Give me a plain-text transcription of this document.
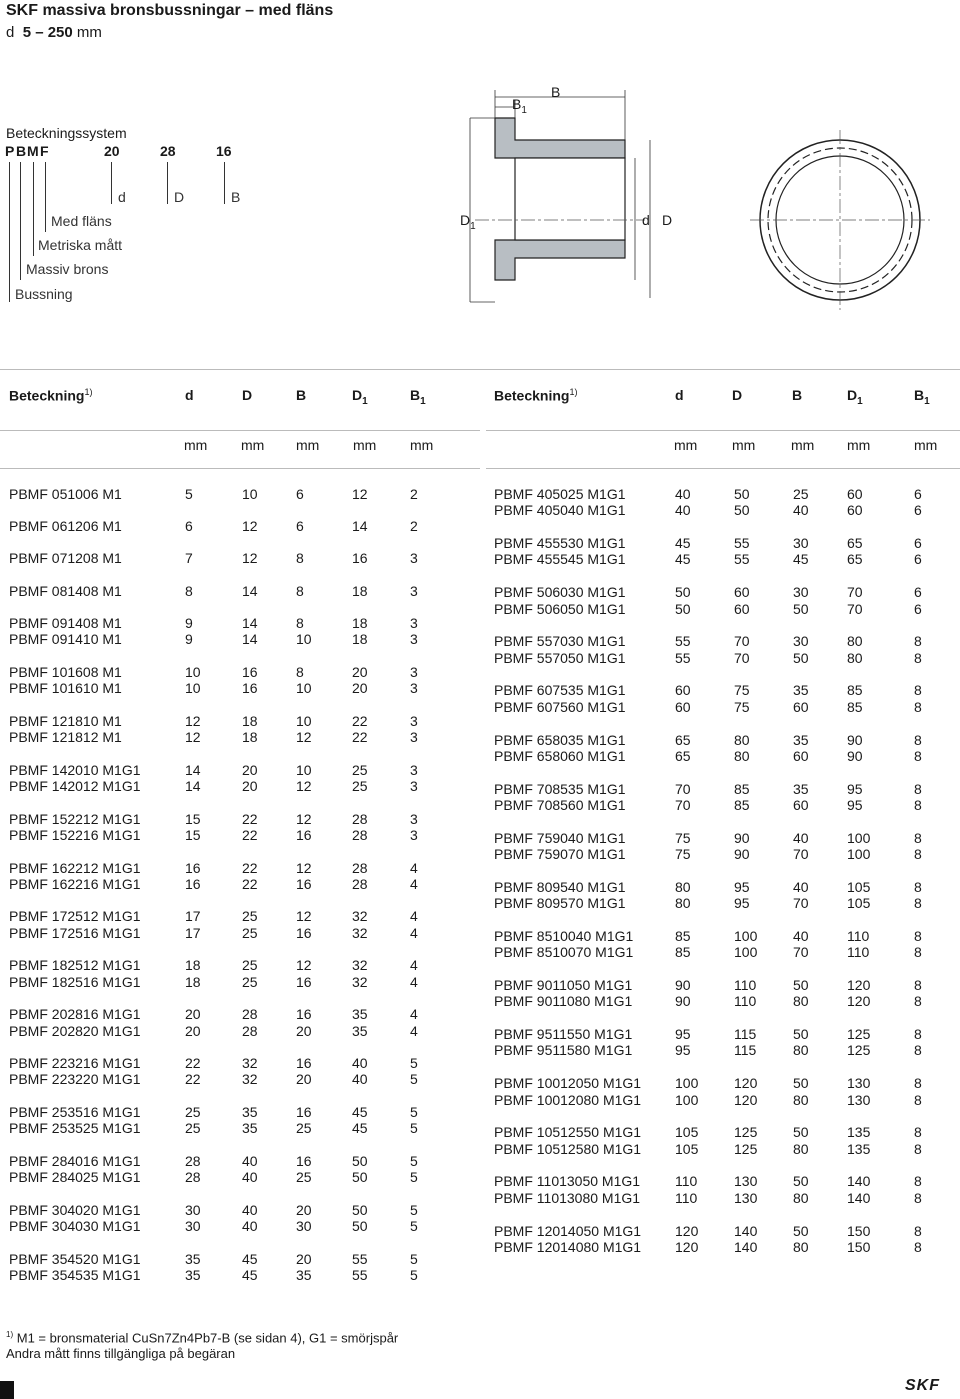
SKF massiva bronsbussningar – med fläns
d 5 – 250 mm
Beteckningssystem
P B M F	20	28	16
d	D	B
Med fläns
Metriska mått
Massiv brons
Bussning
B
$B_1$
$D_1$	d D
Beteckning$^{1)}$	d	D	B	$D_1$	$B_1$	Beteckning$^{1)}$	d	D	B	$D_1$	$B_1$
mm mm mm mm mm	mm mm	mm mm	mm
PBMF 051006 M1	5	10	6	12	2
PBMF 061206 M1	6	12	6	14	2
PBMF 071208 M1	7	12	8	16	3
PBMF 081408 M1	8	14	8	18	3
PBMF 091408 M1	9	14	8	18	3
PBMF 091410 M1	9	14	10	18	3
PBMF 101608 M1	10	16	8	20	3
PBMF 101610 M1	10	16	10	20	3
PBMF 121810 M1	12	18	10	22	3
PBMF 121812 M1	12	18	12	22	3
PBMF 142010 M1G1	14	20	10	25	3
PBMF 142012 M1G1	14	20	12	25	3
PBMF 152212 M1G1	15	22	12	28	3
PBMF 152216 M1G1	15	22	16	28	3
PBMF 162212 M1G1	16	22	12	28	4
PBMF 162216 M1G1	16	22	16	28	4
PBMF 172512 M1G1	17	25	12	32	4
PBMF 172516 M1G1	17	25	16	32	4
PBMF 182512 M1G1	18	25	12	32	4
PBMF 182516 M1G1	18	25	16	32	4
PBMF 202816 M1G1	20	28	16	35	4
PBMF 202820 M1G1	20	28	20	35	4
PBMF 223216 M1G1	22	32	16	40	5
PBMF 223220 M1G1	22	32	20	40	5
PBMF 253516 M1G1	25	35	16	45	5
PBMF 253525 M1G1	25	35	25	45	5
PBMF 284016 M1G1	28	40	16	50	5
PBMF 284025 M1G1	28	40	25	50	5
PBMF 304020 M1G1	30	40	20	50	5
PBMF 304030 M1G1	30	40	30	50	5
PBMF 354520 M1G1	35	45	20	55	5
PBMF 354535 M1G1	35	45	35	55	5
PBMF 405025 M1G1	40	50	25	60	6
PBMF 405040 M1G1	40	50	40	60	6
PBMF 455530 M1G1	45	55	30	65	6
PBMF 455545 M1G1	45	55	45	65	6
PBMF 506030 M1G1	50	60	30	70	6
PBMF 506050 M1G1	50	60	50	70	6
PBMF 557030 M1G1	55	70	30	80	8
PBMF 557050 M1G1	55	70	50	80	8
PBMF 607535 M1G1	60	75	35	85	8
PBMF 607560 M1G1	60	75	60	85	8
PBMF 658035 M1G1	65	80	35	90	8
PBMF 658060 M1G1	65	80	60	90	8
PBMF 708535 M1G1	70	85	35	95	8
PBMF 708560 M1G1	70	85	60	95	8
PBMF 759040 M1G1	75	90	40	100	8
PBMF 759070 M1G1	75	90	70	100	8
PBMF 809540 M1G1	80	95	40	105	8
PBMF 809570 M1G1	80	95	70	105	8
PBMF 8510040 M1G1	85	100	40	110	8
PBMF 8510070 M1G1	85	100	70	110	8
PBMF 9011050 M1G1	90	110	50	120	8
PBMF 9011080 M1G1	90	110	80	120	8
PBMF 9511550 M1G1	95	115	50	125	8
PBMF 9511580 M1G1	95	115	80	125	8
PBMF 10012050 M1G1 100	120	50	130	8
PBMF 10012080 M1G1 100	120	80	130	8
PBMF 10512550 M1G1 105	125	50	135	8
PBMF 10512580 M1G1 105	125	80	135	8
PBMF 11013050 M1G1 110	130	50	140	8
PBMF 11013080 M1G1 110	130	80	140	8
PBMF 12014050 M1G1 120	140	50	150	8
PBMF 12014080 M1G1 120	140	80	150	8
$^{1)}$ M1 = bronsmaterial CuSn7Zn4Pb7-B (se sidan 4), G1 = smörjspår
Andra mått finns tillgängliga på begäran
SKF
